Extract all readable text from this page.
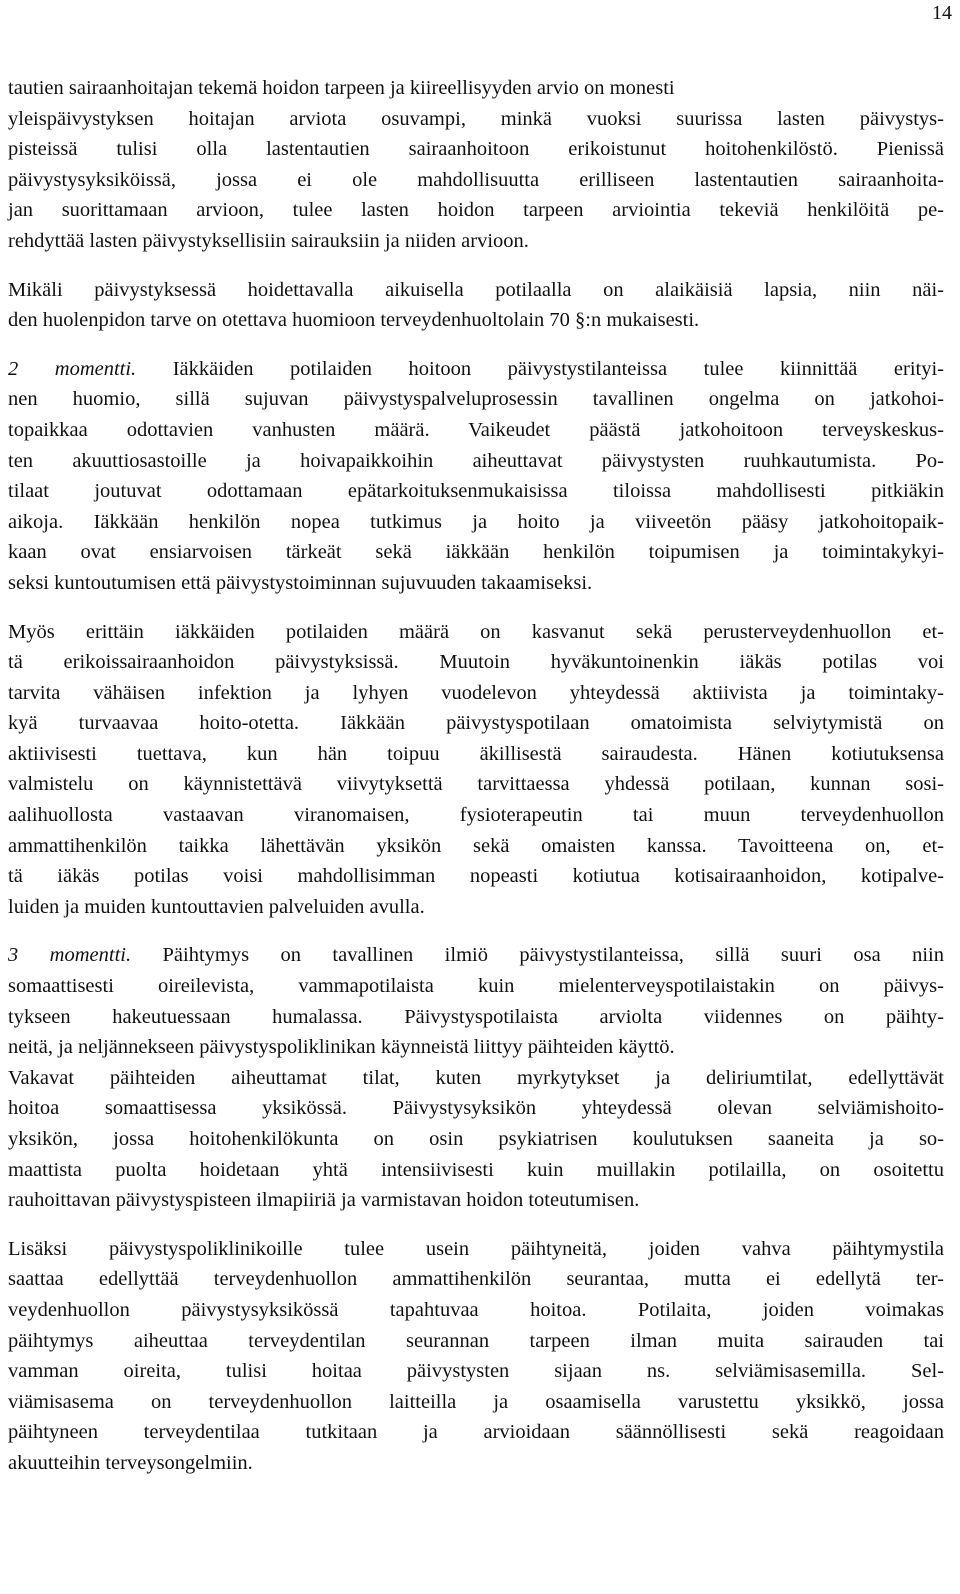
14
tautien sairaanhoitajan tekemä hoidon tarpeen ja kiireellisyyden arvio on monesti
yleispäivystyksen hoitajan arviota osuvampi, minkä vuoksi suurissa lasten päivystys-
pisteissä tulisi olla lastentautien sairaanhoitoon erikoistunut hoitohenkilöstö. Pienissä
päivystysyksiköissä, jossa ei ole mahdollisuutta erilliseen lastentautien sairaanhoita-
jan suorittamaan arvioon, tulee lasten hoidon tarpeen arviointia tekeviä henkilöitä pe-
rehdyttää lasten päivystyksellisiin sairauksiin ja niiden arvioon.
Mikäli päivystyksessä hoidettavalla aikuisella potilaalla on alaikäisiä lapsia, niin näi-
den huolenpidon tarve on otettava huomioon terveydenhuoltolain 70 §:n mukaisesti.
2 momentti. Iäkkäiden potilaiden hoitoon päivystystilanteissa tulee kiinnittää erityi-
nen huomio, sillä sujuvan päivystyspalveluprosessin tavallinen ongelma on jatkohoi-
topaikkaa odottavien vanhusten määrä. Vaikeudet päästä jatkohoitoon terveyskeskus-
ten akuuttiosastoille ja hoivapaikkoihin aiheuttavat päivystysten ruuhkautumista. Po-
tilaat joutuvat odottamaan epätarkoituksenmukaisissa tiloissa mahdollisesti pitkiäkin
aikoja. Iäkkään henkilön nopea tutkimus ja hoito ja viiveetön pääsy jatkohoitopaik-
kaan ovat ensiarvoisen tärkeät sekä iäkkään henkilön toipumisen ja toimintakykyi-
seksi kuntoutumisen että päivystystoiminnan sujuvuuden takaamiseksi.
Myös erittäin iäkkäiden potilaiden määrä on kasvanut sekä perusterveydenhuollon et-
tä erikoissairaanhoidon päivystyksissä. Muutoin hyväkuntoinenkin iäkäs potilas voi
tarvita vähäisen infektion ja lyhyen vuodelevon yhteydessä aktiivista ja toimintaky-
kyä turvaavaa hoito-otetta. Iäkkään päivystyspotilaan omatoimista selviytymistä on
aktiivisesti tuettava, kun hän toipuu äkillisestä sairaudesta. Hänen kotiutuksensa
valmistelu on käynnistettävä viivytyksettä tarvittaessa yhdessä potilaan, kunnan sosi-
aalihuollosta vastaavan viranomaisen, fysioterapeutin tai muun terveydenhuollon
ammattihenkilön taikka lähettävän yksikön sekä omaisten kanssa. Tavoitteena on, et-
tä iäkäs potilas voisi mahdollisimman nopeasti kotiutua kotisairaanhoidon, kotipalve-
luiden ja muiden kuntouttavien palveluiden avulla.
3 momentti. Päihtymys on tavallinen ilmiö päivystystilanteissa, sillä suuri osa niin
somaattisesti oireilevista, vammapotilaista kuin mielenterveyspotilaistakin on päivys-
tykseen hakeutuessaan humalassa. Päivystyspotilaista arviolta viidennes on päihty-
neitä, ja neljännekseen päivystyspoliklinikan käynneistä liittyy päihteiden käyttö.
Vakavat päihteiden aiheuttamat tilat, kuten myrkytykset ja deliriumtilat, edellyttävät
hoitoa somaattisessa yksikössä. Päivystysyksikön yhteydessä olevan selviämishoito-
yksikön, jossa hoitohenkilökunta on osin psykiatrisen koulutuksen saaneita ja so-
maattista puolta hoidetaan yhtä intensiivisesti kuin muillakin potilailla, on osoitettu
rauhoittavan päivystyspisteen ilmapiiriä ja varmistavan hoidon toteutumisen.
Lisäksi päivystyspoliklinikoille tulee usein päihtyneitä, joiden vahva päihtymystila
saattaa edellyttää terveydenhuollon ammattihenkilön seurantaa, mutta ei edellytä ter-
veydenhuollon päivystysyksikössä tapahtuvaa hoitoa. Potilaita, joiden voimakas
päihtymys aiheuttaa terveydentilan seurannan tarpeen ilman muita sairauden tai
vamman oireita, tulisi hoitaa päivystysten sijaan ns. selviämisasemilla. Sel-
viämisasema on terveydenhuollon laitteilla ja osaamisella varustettu yksikkö, jossa
päihtyneen terveydentilaa tutkitaan ja arvioidaan säännöllisesti sekä reagoidaan
akuutteihin terveysongelmiin.
